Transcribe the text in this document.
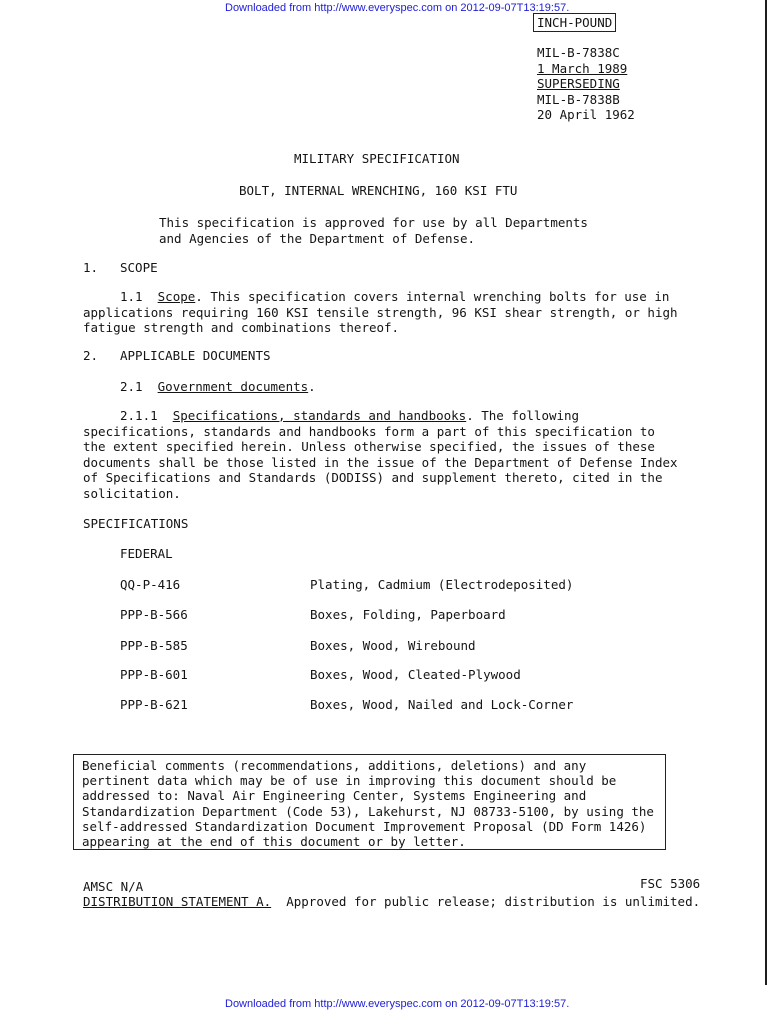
Downloaded from http://www.everyspec.com on 2012-09-07T13:19:57.
INCH-POUND
MIL-B-7838C
1 March 1989
SUPERSEDING
MIL-B-7838B
20 April 1962
MILITARY SPECIFICATION
BOLT, INTERNAL WRENCHING, 160 KSI FTU
This specification is approved for use by all Departments
and Agencies of the Department of Defense.
1. SCOPE
1.1 Scope. This specification covers internal wrenching bolts for use in applications requiring 160 KSI tensile strength, 96 KSI shear strength, or high fatigue strength and combinations thereof.
2. APPLICABLE DOCUMENTS
2.1 Government documents.
2.1.1 Specifications, standards and handbooks. The following specifications, standards and handbooks form a part of this specification to the extent specified herein. Unless otherwise specified, the issues of these documents shall be those listed in the issue of the Department of Defense Index of Specifications and Standards (DODISS) and supplement thereto, cited in the solicitation.
SPECIFICATIONS
FEDERAL
QQ-P-416	Plating, Cadmium (Electrodeposited)
PPP-B-566	Boxes, Folding, Paperboard
PPP-B-585	Boxes, Wood, Wirebound
PPP-B-601	Boxes, Wood, Cleated-Plywood
PPP-B-621	Boxes, Wood, Nailed and Lock-Corner
Beneficial comments (recommendations, additions, deletions) and any pertinent data which may be of use in improving this document should be addressed to: Naval Air Engineering Center, Systems Engineering and Standardization Department (Code 53), Lakehurst, NJ 08733-5100, by using the self-addressed Standardization Document Improvement Proposal (DD Form 1426) appearing at the end of this document or by letter.
AMSC N/A	FSC 5306
DISTRIBUTION STATEMENT A. Approved for public release; distribution is unlimited.
Downloaded from http://www.everyspec.com on 2012-09-07T13:19:57.
